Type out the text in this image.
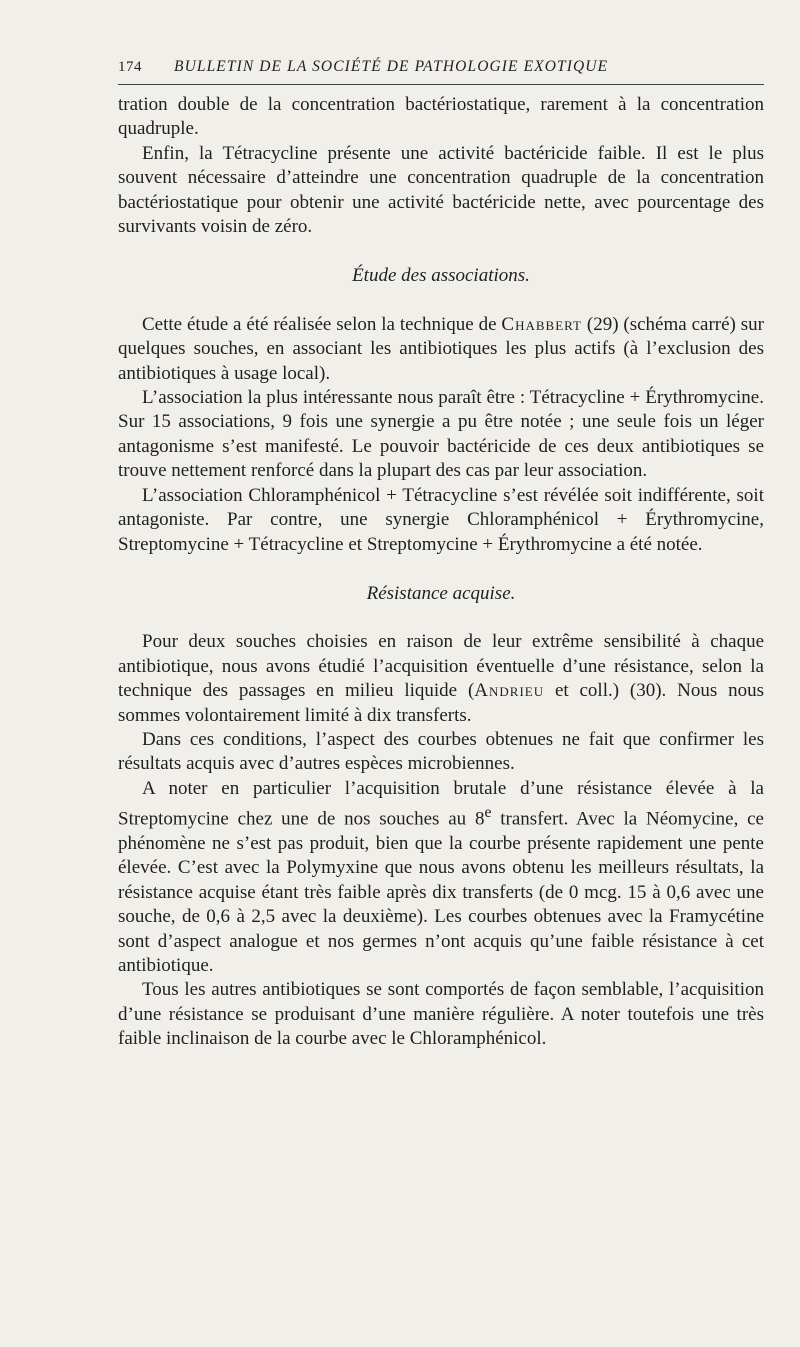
174	BULLETIN DE LA SOCIÉTÉ DE PATHOLOGIE EXOTIQUE

tration double de la concentration bactériostatique, rarement à la concentration quadruple.

Enfin, la Tétracycline présente une activité bactéricide faible. Il est le plus souvent nécessaire d’atteindre une concentration quadruple de la concentration bactériostatique pour obtenir une activité bactéricide nette, avec pourcentage des survivants voisin de zéro.

Étude des associations.

Cette étude a été réalisée selon la technique de Chabbert (29) (schéma carré) sur quelques souches, en associant les antibiotiques les plus actifs (à l’exclusion des antibiotiques à usage local).

L’association la plus intéressante nous paraît être : Tétracycline + Érythromycine. Sur 15 associations, 9 fois une synergie a pu être notée ; une seule fois un léger antagonisme s’est manifesté. Le pouvoir bactéricide de ces deux antibiotiques se trouve nettement renforcé dans la plupart des cas par leur association.

L’association Chloramphénicol + Tétracycline s’est révélée soit indifférente, soit antagoniste. Par contre, une synergie Chloramphénicol + Érythromycine, Streptomycine + Tétracycline et Streptomycine + Érythromycine a été notée.

Résistance acquise.

Pour deux souches choisies en raison de leur extrême sensibilité à chaque antibiotique, nous avons étudié l’acquisition éventuelle d’une résistance, selon la technique des passages en milieu liquide (Andrieu et coll.) (30). Nous nous sommes volontairement limité à dix transferts.

Dans ces conditions, l’aspect des courbes obtenues ne fait que confirmer les résultats acquis avec d’autres espèces microbiennes.

A noter en particulier l’acquisition brutale d’une résistance élevée à la Streptomycine chez une de nos souches au 8e transfert. Avec la Néomycine, ce phénomène ne s’est pas produit, bien que la courbe présente rapidement une pente élevée. C’est avec la Polymyxine que nous avons obtenu les meilleurs résultats, la résistance acquise étant très faible après dix transferts (de 0 mcg. 15 à 0,6 avec une souche, de 0,6 à 2,5 avec la deuxième). Les courbes obtenues avec la Framycétine sont d’aspect analogue et nos germes n’ont acquis qu’une faible résistance à cet antibiotique.

Tous les autres antibiotiques se sont comportés de façon semblable, l’acquisition d’une résistance se produisant d’une manière régulière. A noter toutefois une très faible inclinaison de la courbe avec le Chloramphénicol.
